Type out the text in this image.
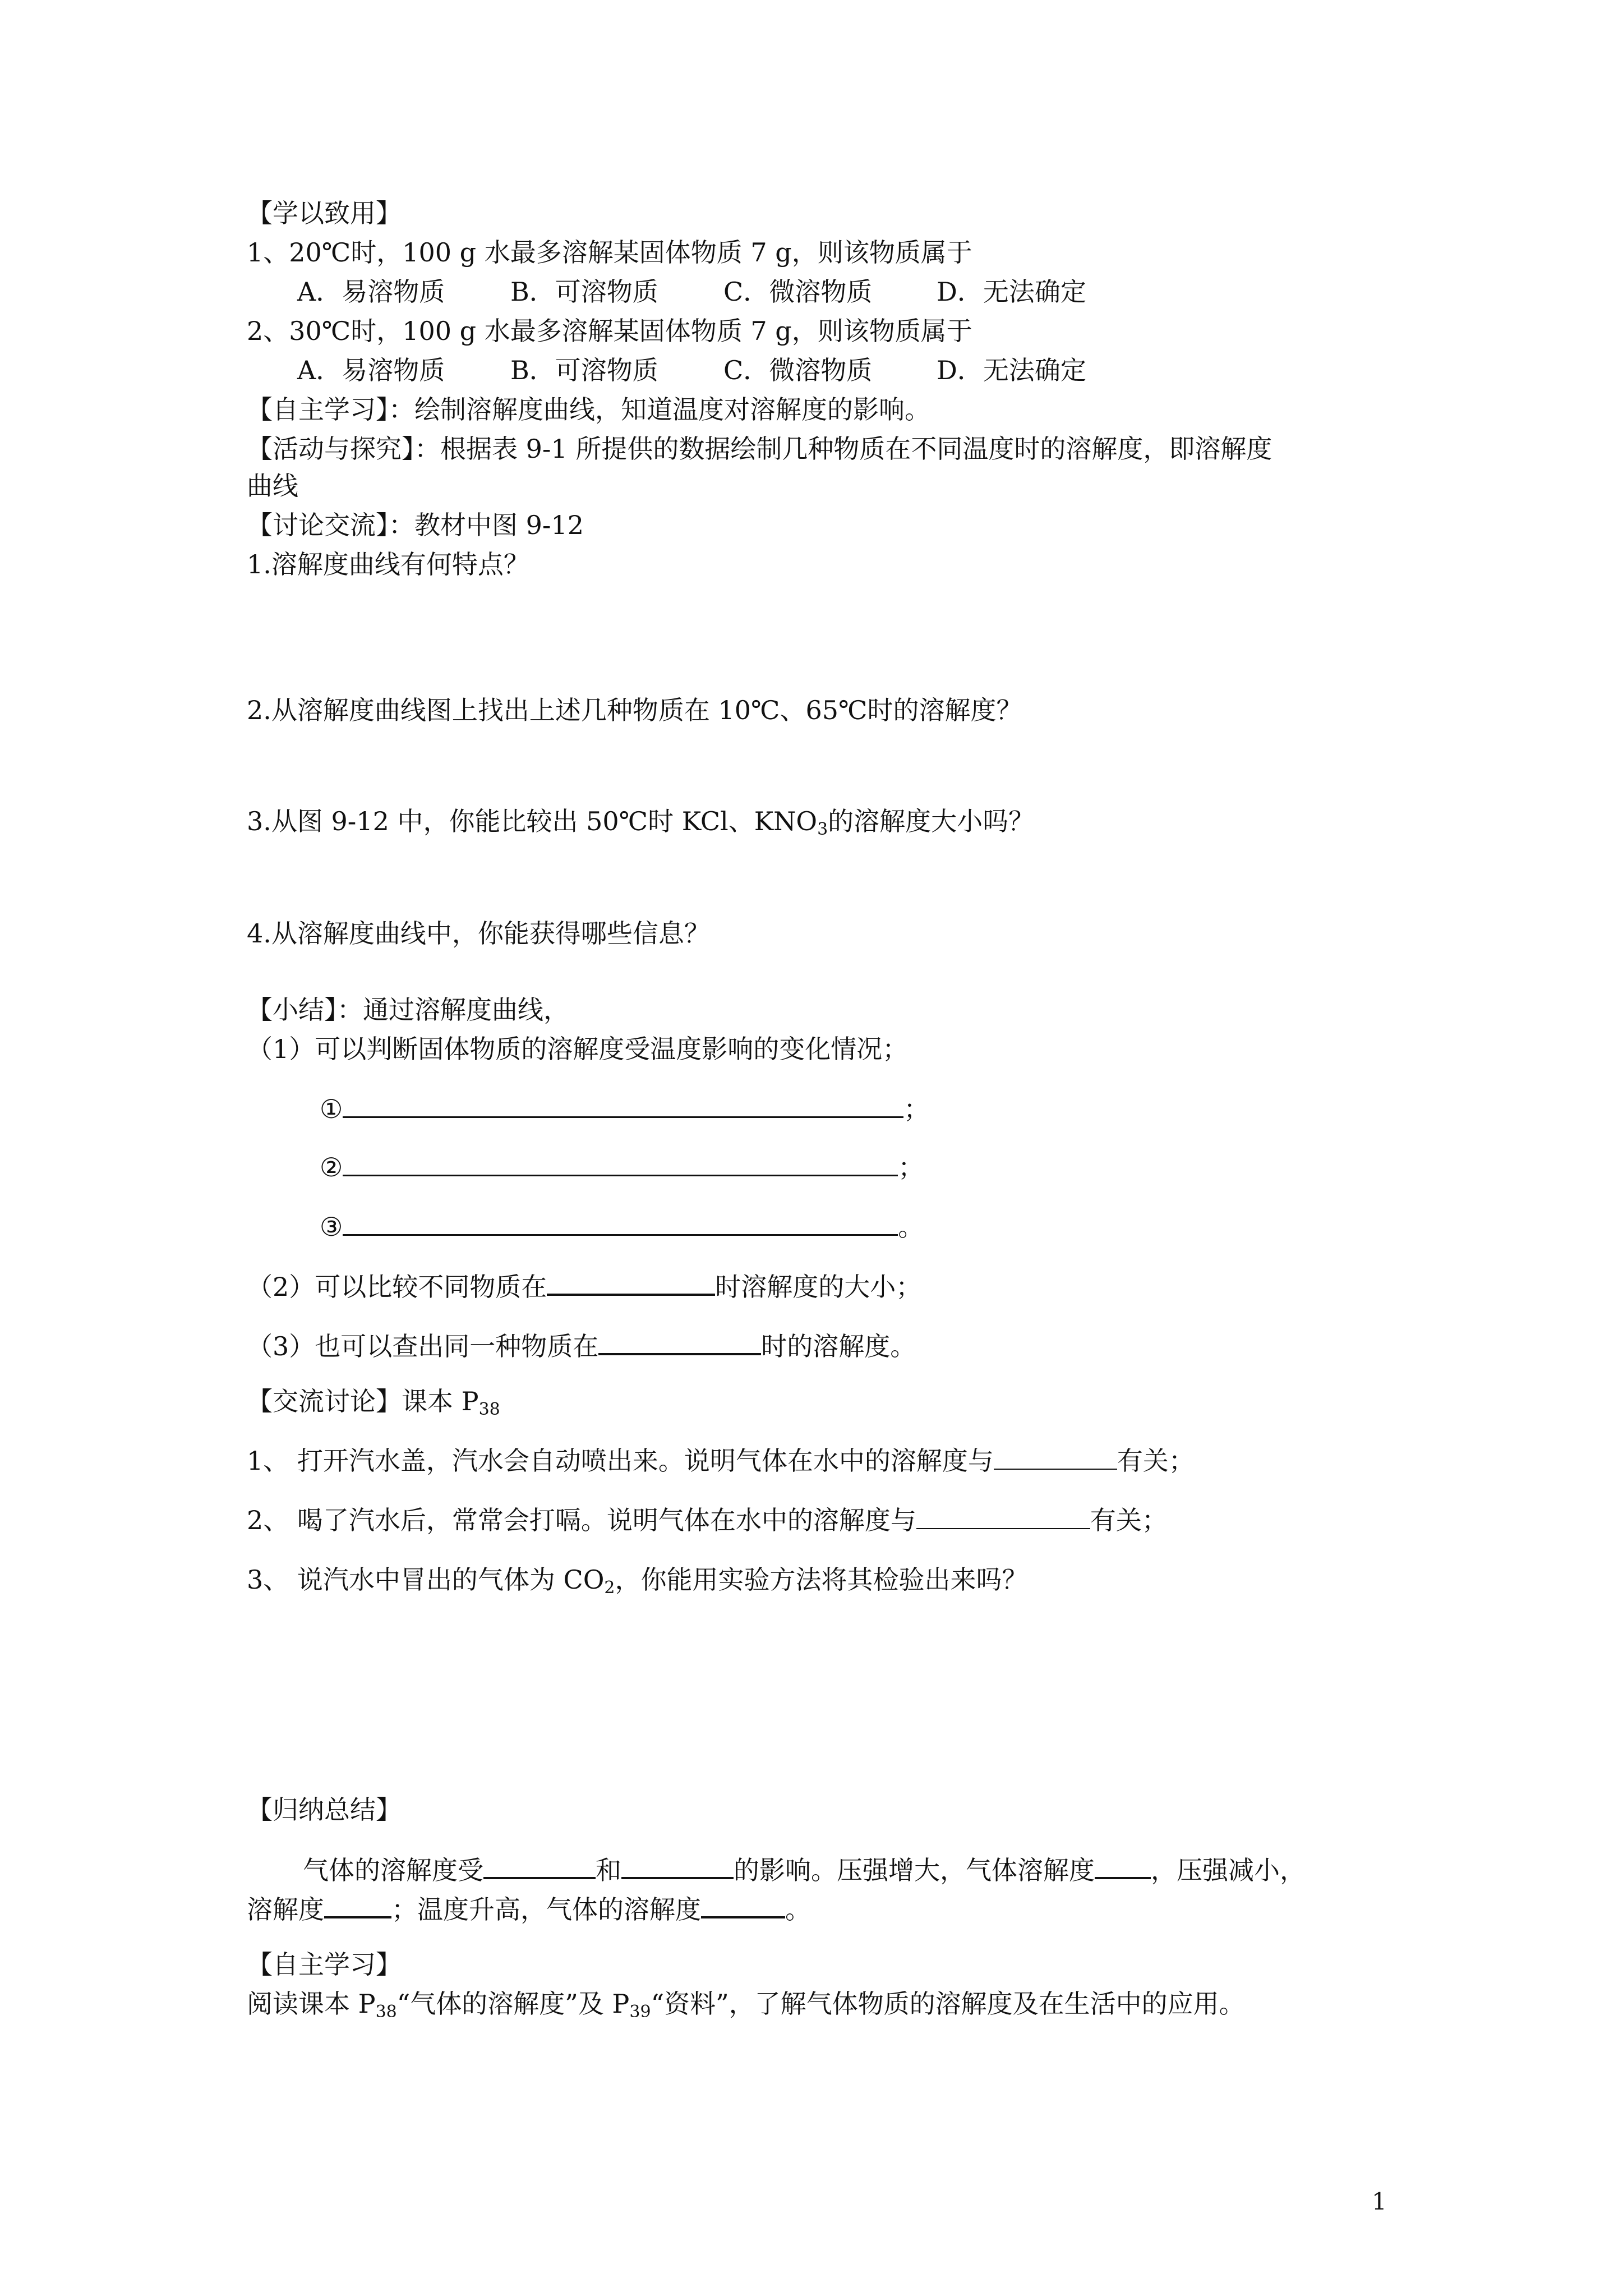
【学以致用】
1、20℃时，100 g 水最多溶解某固体物质 7 g，则该物质属于
A．易溶物质	B．可溶物质	C．微溶物质 D．无法确定
2、30℃时，100 g 水最多溶解某固体物质 7 g，则该物质属于
A．易溶物质	B．可溶物质	C．微溶物质 D．无法确定
【自主学习】：绘制溶解度曲线，知道温度对溶解度的影响。
【活动与探究】：根据表 9-1 所提供的数据绘制几种物质在不同温度时的溶解度，即溶解度
曲线
【讨论交流】：教材中图 9-12
1.溶解度曲线有何特点？
2.从溶解度曲线图上找出上述几种物质在 10℃、65℃时的溶解度？
3.从图 9-12 中，你能比较出 50℃时 KCl、$KNO_3$的溶解度大小吗？
4.从溶解度曲线中，你能获得哪些信息？
【小结】：通过溶解度曲线，
（1）可以判断固体物质的溶解度受温度影响的变化情况；
①	；
②	；
③	。
（2）可以比较不同物质在	时溶解度的大小；
（3）也可以查出同一种物质在	时的溶解度。
【交流讨论】课本 $P_{38}$
1、 打开汽水盖，汽水会自动喷出来。说明气体在水中的溶解度与	有关；
2、 喝了汽水后，常常会打嗝。说明气体在水中的溶解度与	有关；
3、 说汽水中冒出的气体为 $CO_2$，你能用实验方法将其检验出来吗？
【归纳总结】
气体的溶解度受	和	的影响。压强增大，气体溶解度 ，压强减小，
溶解度	；温度升高，气体的溶解度	。
【自主学习】
阅读课本 $P_{38}“$气体的溶解度”及 $P_{39}“$资料”，了解气体物质的溶解度及在生活中的应用。
1
